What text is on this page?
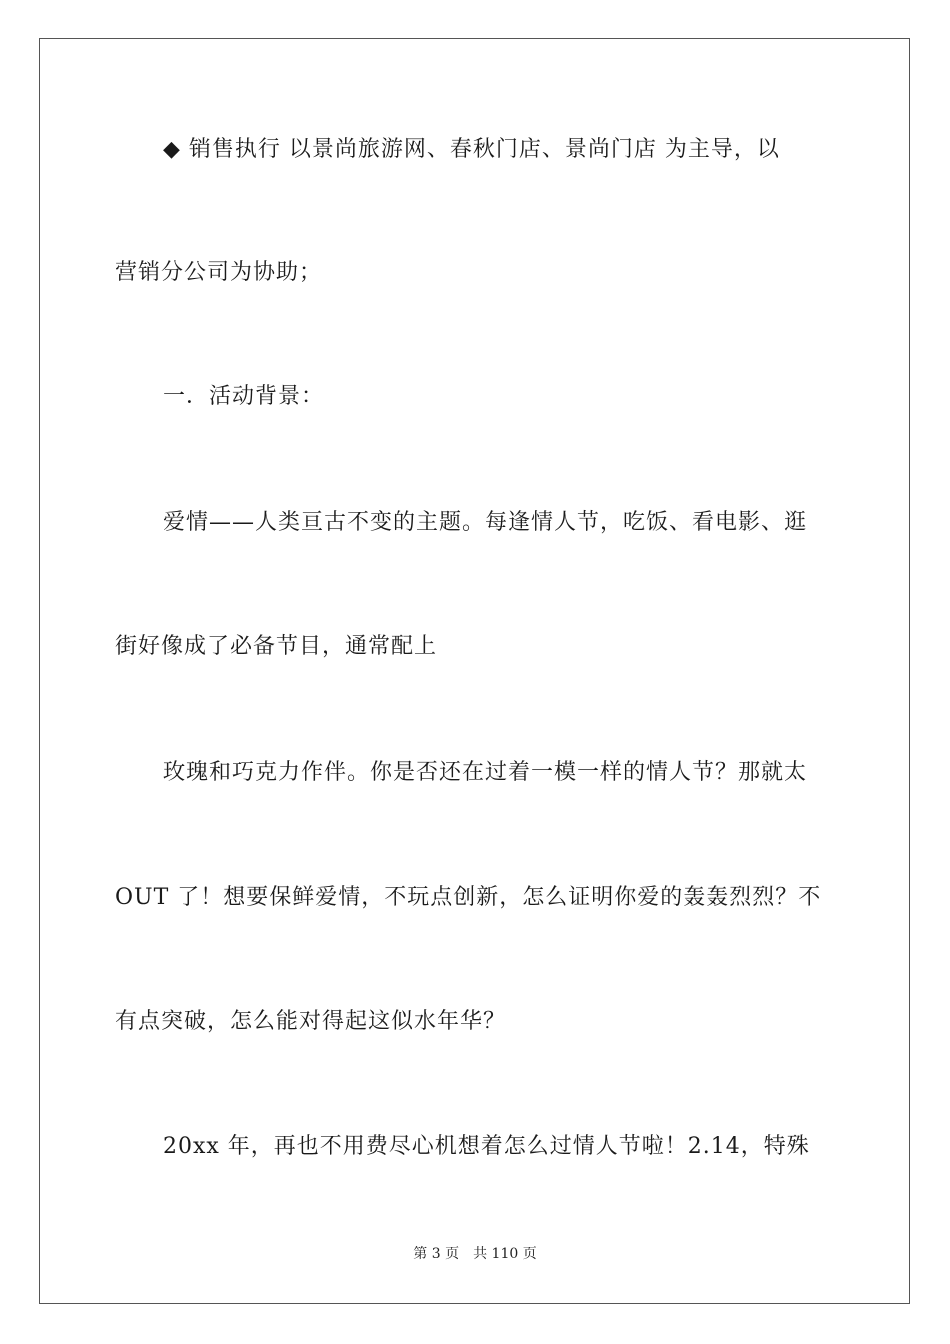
◆ 销售执行 以景尚旅游网、春秋门店、景尚门店 为主导，以
营销分公司为协助；
一．活动背景：
爱情——人类亘古不变的主题。每逢情人节，吃饭、看电影、逛
街好像成了必备节目，通常配上
玫瑰和巧克力作伴。你是否还在过着一模一样的情人节？那就太
OUT 了！想要保鲜爱情，不玩点创新，怎么证明你爱的轰轰烈烈？不
有点突破，怎么能对得起这似水年华？
20xx 年，再也不用费尽心机想着怎么过情人节啦！2.14，特殊
第 3 页 共 110 页
